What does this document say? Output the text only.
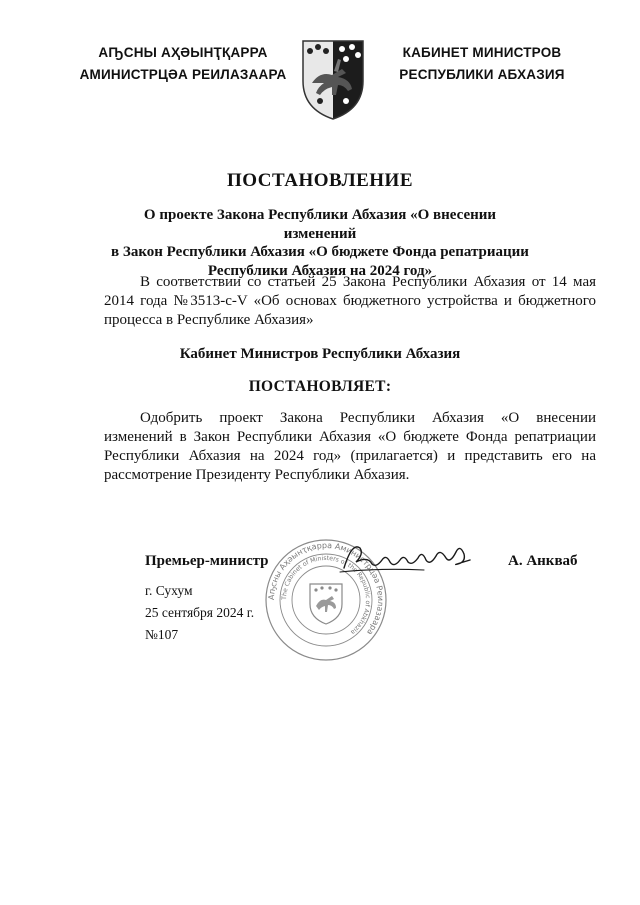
АҦСНЫ АҲӘЫНҬҚАРРА
АМИНИСТРЦӘА РЕИЛАЗААРА
КАБИНЕТ МИНИСТРОВ
РЕСПУБЛИКИ АБХАЗИЯ
ПОСТАНОВЛЕНИЕ
О проекте Закона Республики Абхазия «О внесении изменений
в Закон Республики Абхазия «О бюджете Фонда репатриации
Республики Абхазия на 2024 год»
В соответствии со статьей 25 Закона Республики Абхазия от 14 мая
2014 года №3513-с-V «Об основах бюджетного устройства и бюджетного
процесса в Республике Абхазия»
Кабинет Министров Республики Абхазия
ПОСТАНОВЛЯЕТ:
Одобрить проект Закона Республики Абхазия «О внесении
изменений в Закон Республики Абхазия «О бюджете Фонда репатриации
Республики Абхазия на 2024 год» (прилагается) и представить его на
рассмотрение Президенту Республики Абхазия.
Аҧсны Аҳәынҭқарра Аминистрцәа Реилазаара
The Cabinet of Ministers of the Republic of Abkhazia
Премьер-министр	А. Анкваб
г. Сухум
25 сентября 2024 г.
№107
